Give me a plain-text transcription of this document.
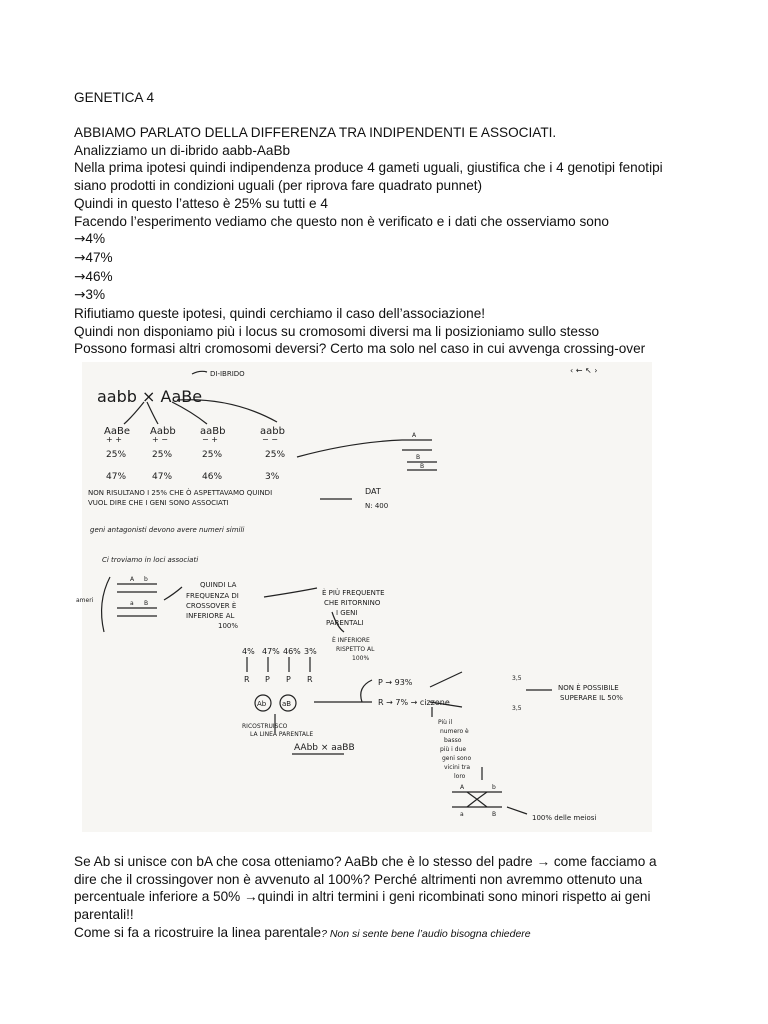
GENETICA 4
ABBIAMO PARLATO DELLA DIFFERENZA TRA INDIPENDENTI E ASSOCIATI.
Analizziamo un di-ibrido aabb-AaBb
Nella prima ipotesi quindi indipendenza produce 4 gameti uguali, giustifica che i 4 genotipi fenotipi
siano prodotti in condizioni uguali (per riprova fare quadrato punnet)
Quindi in questo l’atteso è 25% su tutti e 4
Facendo l’esperimento vediamo che questo non è verificato e i dati che osserviamo sono
→4%
→47%
→46%
→3%
Rifiutiamo queste ipotesi, quindi cerchiamo il caso dell’associazione!
Quindi non disponiamo più i locus su cromosomi diversi ma li posizioniamo sullo stesso
Possono formasi altri cromosomi deversi? Certo ma solo nel caso in cui avvenga crossing-over
‹ ← ↖ ›
DI-IBRIDO
aabb × AaBe
AaBe Aabb aaBb	aabb
+ +	+ −	− +	− −
25%	25%	25%	25%
47%	47%	46%	3%
A
B
B
NON RISULTANO I 25% CHE Ò ASPETTAVAMO QUINDI
VUOL DIRE CHE I GENI SONO ASSOCIATI
DAT
N: 400
geni antagonisti devono avere numeri simili
Ci troviamo in loci associati
ameri
A b
a B
QUINDI LA
FREQUENZA DI
CROSSOVER È
INFERIORE AL
100%
È PIÙ FREQUENTE
CHE RITORNINO
I GENI
PARENTALI
È INFERIORE
RISPETTO AL
100%
4% 47% 46% 3%
R P P R
Ab aB
RICOSTRUISCO
LA LINEA PARENTALE
AAbb × aaBB
P → 93%
R → 7% → cizzone
3,5
3,5
NON È POSSIBILE
SUPERARE IL 50%
Più il
numero è
basso
più i due
geni sono
vicini tra
loro
A	b
a	B	100% delle meiosi
Se Ab si unisce con bA che cosa otteniamo? AaBb che è lo stesso del padre → come facciamo a
dire che il crossingover non è avvenuto al 100%? Perché altrimenti non avremmo ottenuto una
percentuale inferiore a 50% →quindi in altri termini i geni ricombinati sono minori rispetto ai geni
parentali!!
Come si fa a ricostruire la linea parentale? Non si sente bene l’audio bisogna chiedere
